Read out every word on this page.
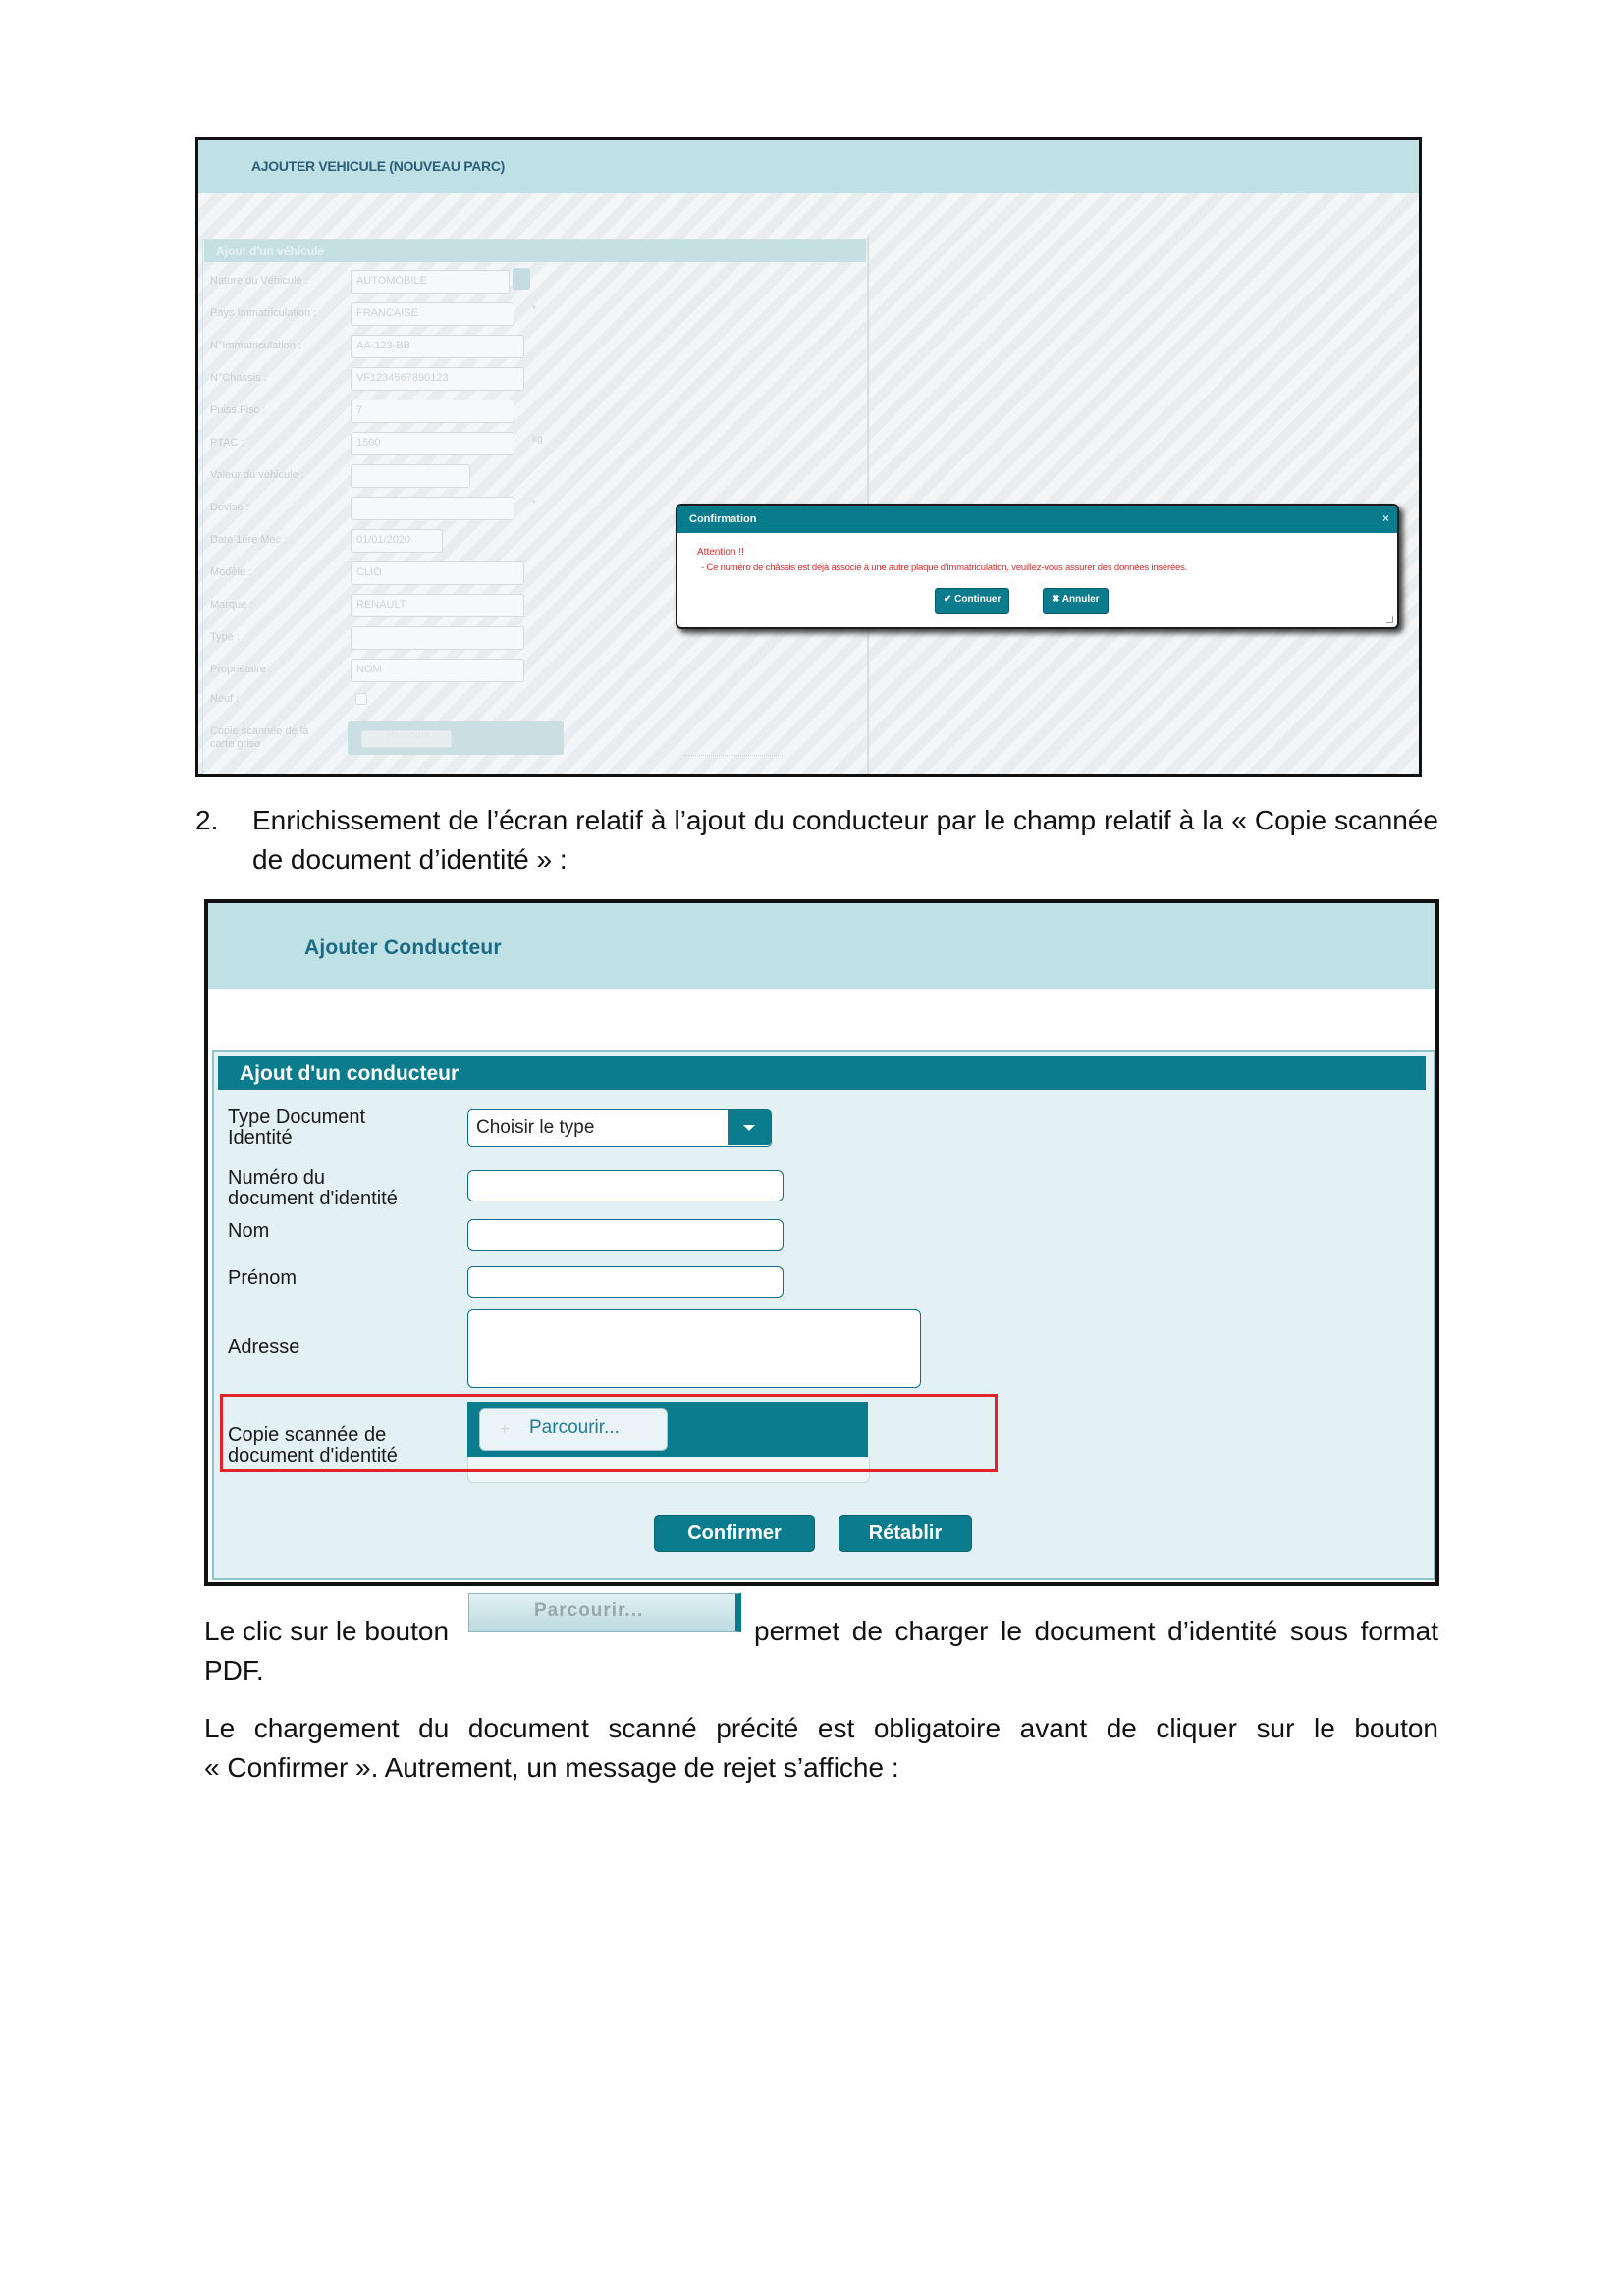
AJOUTER VEHICULE (NOUVEAU PARC)
Ajout d'un véhicule
Nature du Véhicule :	AUTOMOBILE
Pays Immatriculation :	FRANCAISE	*
N°Immatriculation :	AA-123-BB
N°Chassis :	VF1234567890123
Puiss.Fisc :	7
PTAC :	1500	kg
Valeur du véhicule :
Devise :	*
Date 1ère Mec :	01/01/2020
Modèle :	CLIO
Marque :	RENAULT
Type :
Propriétaire :	NOM
Neuf :
Copie scannée de la carte grise
Parcourir...
Confirmation	×
Attention !!
- Ce numéro de châssis est déjà associé à une autre plaque d'immatriculation, veuillez-vous assurer des données insérées.
✔ Continuer	✖ Annuler
2. Enrichissement de l’écran relatif à l’ajout du conducteur par le champ relatif à la « Copie scannée
de document d’identité » :
Ajouter Conducteur
Ajout d'un conducteur
Type Document
Identité	Choisir le type
Numéro du
document d'identité
Nom
Prénom
Adresse
+ Parcourir...
Copie scannée de
document d'identité
Confirmer	Rétablir
Le clic sur le bouton
+ Parcourir...
permet de charger le document d’identité sous format
PDF.
Le chargement du document scanné précité est obligatoire avant de cliquer sur le bouton
« Confirmer ». Autrement, un message de rejet s’affiche :
